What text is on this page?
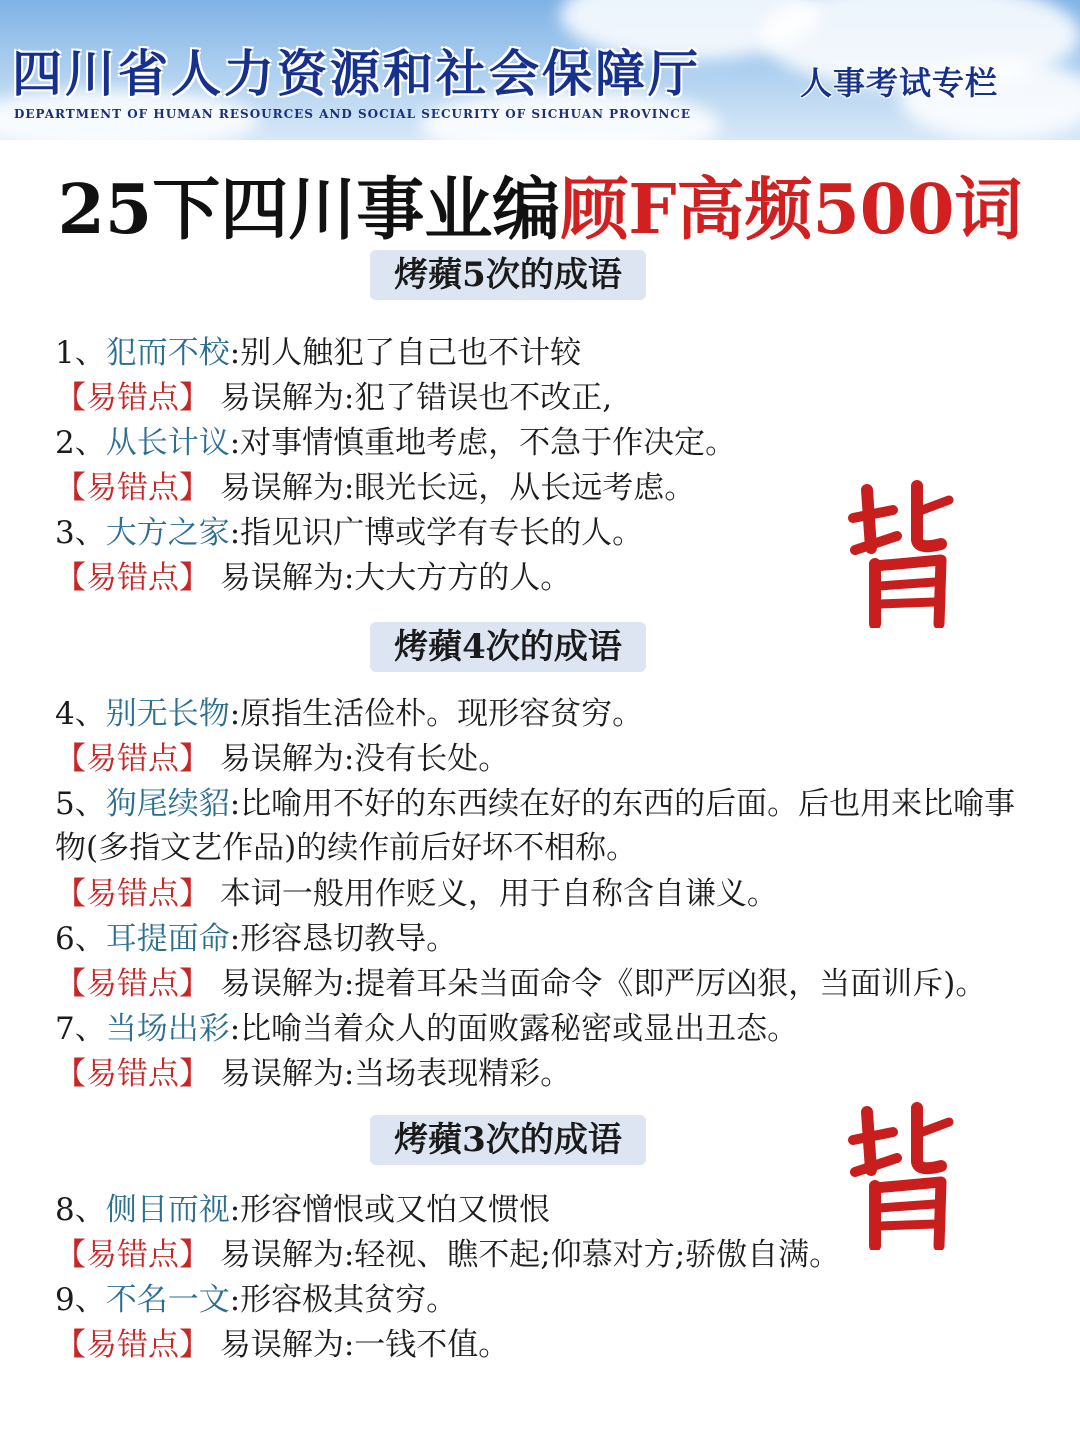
四川省人力资源和社会保障厅
DEPARTMENT OF HUMAN RESOURCES AND SOCIAL SECURITY OF SICHUAN PROVINCE
人事考试专栏
25下四川事业编顾F高频500词
烤蘋5次的成语
1、犯而不校:别人触犯了自己也不计较
【易错点】 易误解为:犯了错误也不改正,
2、从长计议:对事情慎重地考虑，不急于作决定。
【易错点】 易误解为:眼光长远，从长远考虑。
3、大方之家:指见识广博或学有专长的人。
【易错点】 易误解为:大大方方的人。
烤蘋4次的成语
4、别无长物:原指生活俭朴。现形容贫穷。
【易错点】 易误解为:没有长处。
5、狗尾续貂:比喻用不好的东西续在好的东西的后面。后也用来比喻事物(多指文艺作品)的续作前后好坏不相称。
【易错点】 本词一般用作贬义，用于自称含自谦义。
6、耳提面命:形容恳切教导。
【易错点】 易误解为:提着耳朵当面命令《即严厉凶狠，当面训斥)。
7、当场出彩:比喻当着众人的面败露秘密或显出丑态。
【易错点】 易误解为:当场表现精彩。
烤蘋3次的成语
8、侧目而视:形容憎恨或又怕又惯恨
【易错点】 易误解为:轻视、瞧不起;仰慕对方;骄傲自满。
9、不名一文:形容极其贫穷。
【易错点】 易误解为:一钱不值。
